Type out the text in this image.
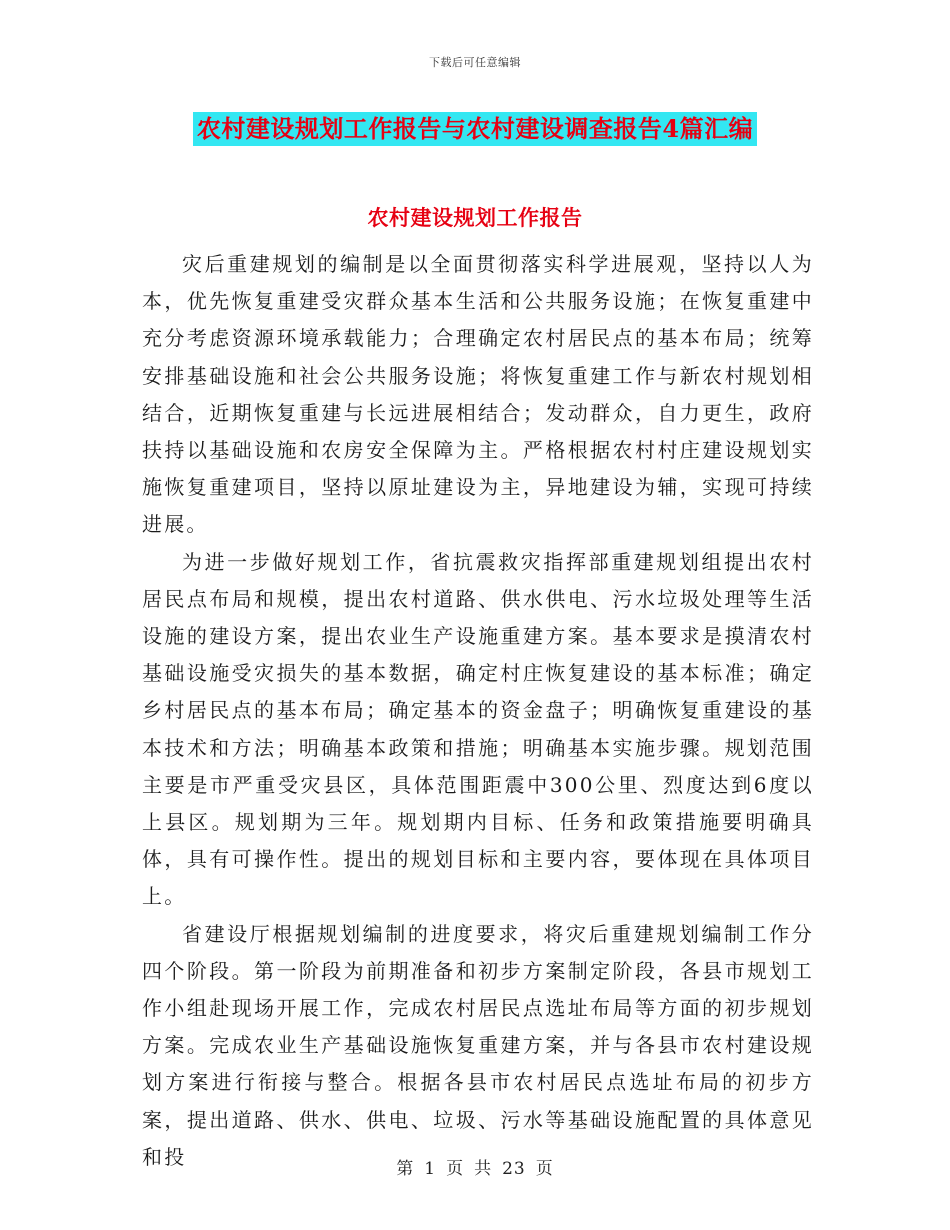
下载后可任意编辑
农村建设规划工作报告与农村建设调查报告4篇汇编
农村建设规划工作报告

灾后重建规划的编制是以全面贯彻落实科学进展观，坚持以人为本，优先恢复重建受灾群众基本生活和公共服务设施；在恢复重建中充分考虑资源环境承载能力；合理确定农村居民点的基本布局；统筹安排基础设施和社会公共服务设施；将恢复重建工作与新农村规划相结合，近期恢复重建与长远进展相结合；发动群众，自力更生，政府扶持以基础设施和农房安全保障为主。严格根据农村村庄建设规划实施恢复重建项目，坚持以原址建设为主，异地建设为辅，实现可持续进展。

为进一步做好规划工作，省抗震救灾指挥部重建规划组提出农村居民点布局和规模，提出农村道路、供水供电、污水垃圾处理等生活设施的建设方案，提出农业生产设施重建方案。基本要求是摸清农村基础设施受灾损失的基本数据，确定村庄恢复建设的基本标准；确定乡村居民点的基本布局；确定基本的资金盘子；明确恢复重建设的基本技术和方法；明确基本政策和措施；明确基本实施步骤。规划范围主要是市严重受灾县区，具体范围距震中300公里、烈度达到6度以上县区。规划期为三年。规划期内目标、任务和政策措施要明确具体，具有可操作性。提出的规划目标和主要内容，要体现在具体项目上。

省建设厅根据规划编制的进度要求，将灾后重建规划编制工作分四个阶段。第一阶段为前期准备和初步方案制定阶段，各县市规划工作小组赴现场开展工作，完成农村居民点选址布局等方面的初步规划方案。完成农业生产基础设施恢复重建方案，并与各县市农村建设规划方案进行衔接与整合。根据各县市农村居民点选址布局的初步方案，提出道路、供水、供电、垃圾、污水等基础设施配置的具体意见和投

第 1 页 共 23 页
